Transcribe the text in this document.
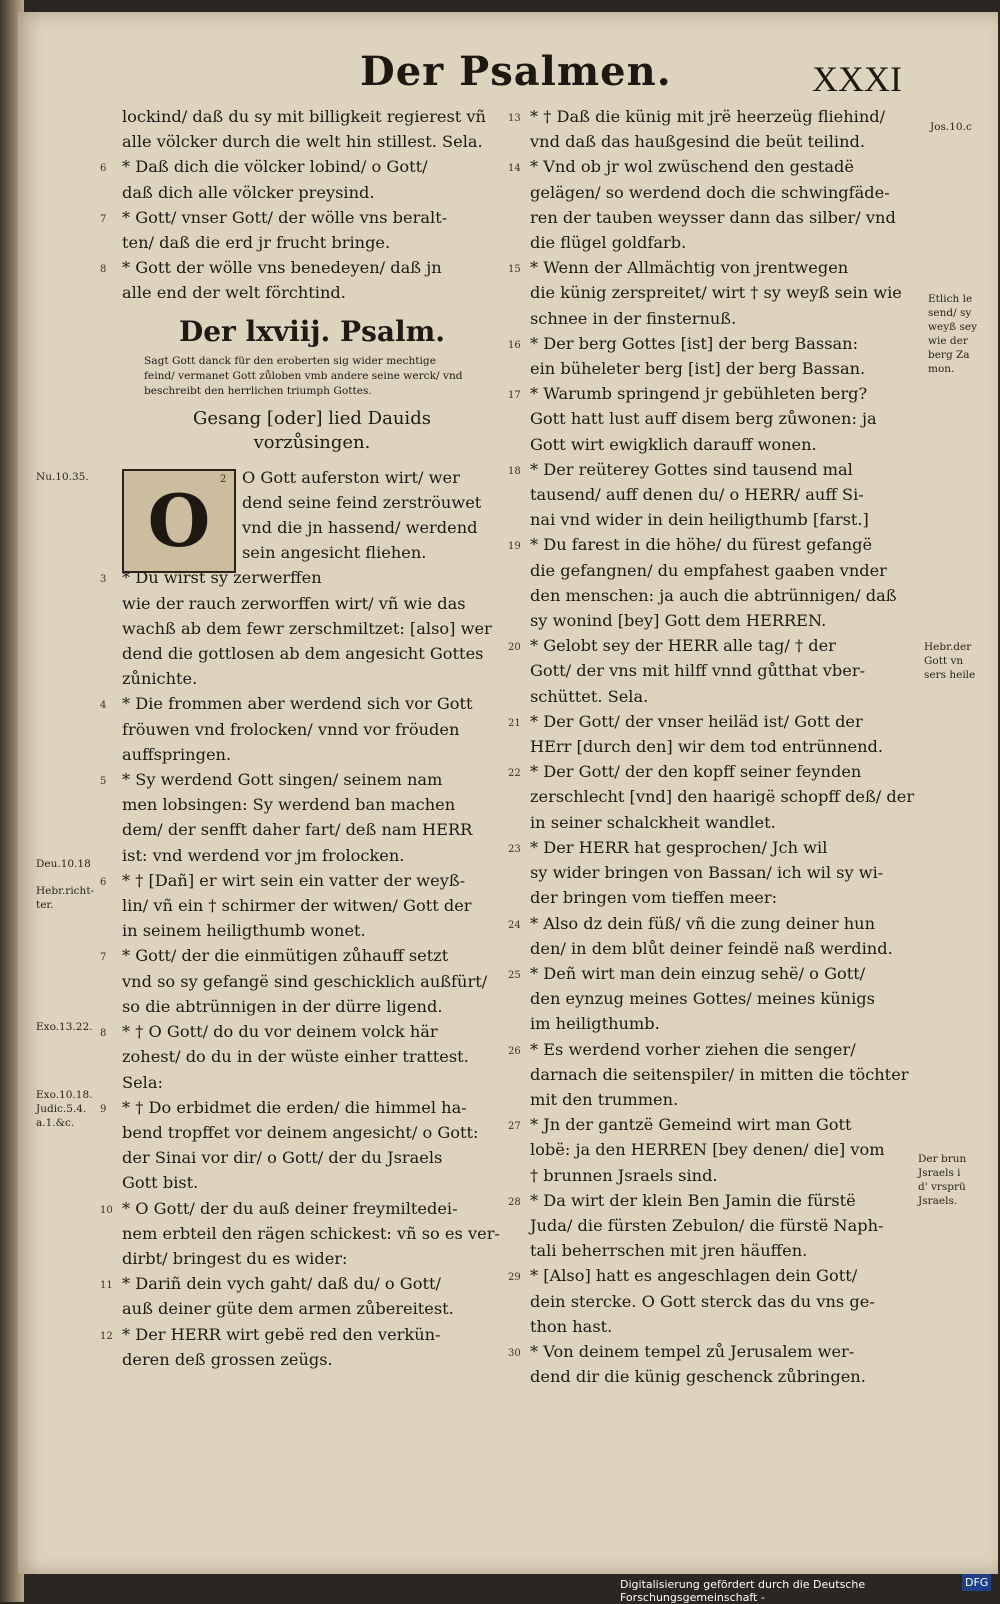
Der Psalmen.	XXXI
lockind/ daß du sy mit billigkeit regierest vñ
alle völcker durch die welt hin stillest. Sela.
6 * Daß dich die völcker lobind/ o Gott/
daß dich alle völcker preysind.
7 * Gott/ vnser Gott/ der wölle vns beralt-
ten/ daß die erd jr frucht bringe.
8 * Gott der wölle vns benedeyen/ daß jn
alle end der welt förchtind.
Der lxviij. Psalm.
Sagt Gott danck für den eroberten sig wider mechtige
feind/ vermanet Gott zůloben vmb andere seine werck/ vnd
beschreibt den herrlichen triumph Gottes.
Gesang [oder] lied Dauids
vorzůsingen.
O 2 O Gott auferston wirt/ wer
dend seine feind zerströuwet
vnd die jn hassend/ werdend
sein angesicht fliehen.
3 * Du wirst sy zerwerffen
wie der rauch zerworffen wirt/ vñ wie das
wachß ab dem fewr zerschmiltzet: [also] wer
dend die gottlosen ab dem angesicht Gottes
zůnichte.
4 * Die frommen aber werdend sich vor Gott
fröuwen vnd frolocken/ vnnd vor fröuden
auffspringen.
5 * Sy werdend Gott singen/ seinem nam
men lobsingen: Sy werdend ban machen
dem/ der senfft daher fart/ deß nam HERR
ist: vnd werdend vor jm frolocken.
6 * † [Dañ] er wirt sein ein vatter der weyß-
lin/ vñ ein † schirmer der witwen/ Gott der
in seinem heiligthumb wonet.
7 * Gott/ der die einmütigen zůhauff setzt
vnd so sy gefangë sind geschicklich außfürt/
so die abtrünnigen in der dürre ligend.
8 * † O Gott/ do du vor deinem volck här
zohest/ do du in der wüste einher trattest.
Sela:
9 * † Do erbidmet die erden/ die himmel ha-
bend tropffet vor deinem angesicht/ o Gott:
der Sinai vor dir/ o Gott/ der du Jsraels
Gott bist.
10 * O Gott/ der du auß deiner freymiltedei-
nem erbteil den rägen schickest: vñ so es ver-
dirbt/ bringest du es wider:
11 * Dariñ dein vych gaht/ daß du/ o Gott/
auß deiner güte dem armen zůbereitest.
12 * Der HERR wirt gebë red den verkün-
deren deß grossen zeügs.
13 * † Daß die künig mit jrë heerzeüg fliehind/
vnd daß das haußgesind die beüt teilind.
14 * Vnd ob jr wol zwüschend den gestadë
gelägen/ so werdend doch die schwingfäde-
ren der tauben weysser dann das silber/ vnd
die flügel goldfarb.
15 * Wenn der Allmächtig von jrentwegen
die künig zerspreitet/ wirt † sy weyß sein wie
schnee in der finsternuß.
16 * Der berg Gottes [ist] der berg Bassan:
ein büheleter berg [ist] der berg Bassan.
17 * Warumb springend jr gebühleten berg?
Gott hatt lust auff disem berg zůwonen: ja
Gott wirt ewigklich darauff wonen.
18 * Der reüterey Gottes sind tausend mal
tausend/ auff denen du/ o HERR/ auff Si-
nai vnd wider in dein heiligthumb [farst.]
19 * Du farest in die höhe/ du fürest gefangë
die gefangnen/ du empfahest gaaben vnder
den menschen: ja auch die abtrünnigen/ daß
sy wonind [bey] Gott dem HERREN.
20 * Gelobt sey der HERR alle tag/ † der
Gott/ der vns mit hilff vnnd gůtthat vber-
schüttet. Sela.
21 * Der Gott/ der vnser heiläd ist/ Gott der
HErr [durch den] wir dem tod entrünnend.
22 * Der Gott/ der den kopff seiner feynden
zerschlecht [vnd] den haarigë schopff deß/ der
in seiner schalckheit wandlet.
23 * Der HERR hat gesprochen/ Jch wil
sy wider bringen von Bassan/ ich wil sy wi-
der bringen vom tieffen meer:
24 * Also dz dein füß/ vñ die zung deiner hun
den/ in dem blůt deiner feindë naß werdind.
25 * Deñ wirt man dein einzug sehë/ o Gott/
den eynzug meines Gottes/ meines künigs
im heiligthumb.
26 * Es werdend vorher ziehen die senger/
darnach die seitenspiler/ in mitten die töchter
mit den trummen.
27 * Jn der gantzë Gemeind wirt man Gott
lobë: ja den HERREN [bey denen/ die] vom
† brunnen Jsraels sind.
28 * Da wirt der klein Ben Jamin die fürstë
Juda/ die fürsten Zebulon/ die fürstë Naph-
tali beherrschen mit jren häuffen.
29 * [Also] hatt es angeschlagen dein Gott/
dein stercke. O Gott sterck das du vns ge-
thon hast.
30 * Von deinem tempel zů Jerusalem wer-
dend dir die künig geschenck zůbringen.
Nu.10.35.
Deu.10.18
Hebr.richt-
ter.
Exo.13.22.
Exo.10.18.
Judic.5.4.
a.1.&c.
Jos.10.c
Etlich le
send/ sy
weyß sey
wie der
berg Za
mon.
Hebr.der
Gott vn
sers heile
Der brun
Jsraels i
d' vrsprü
Jsraels.
Digitalisierung gefördert durch die Deutsche Forschungsgemeinschaft -
DFG
